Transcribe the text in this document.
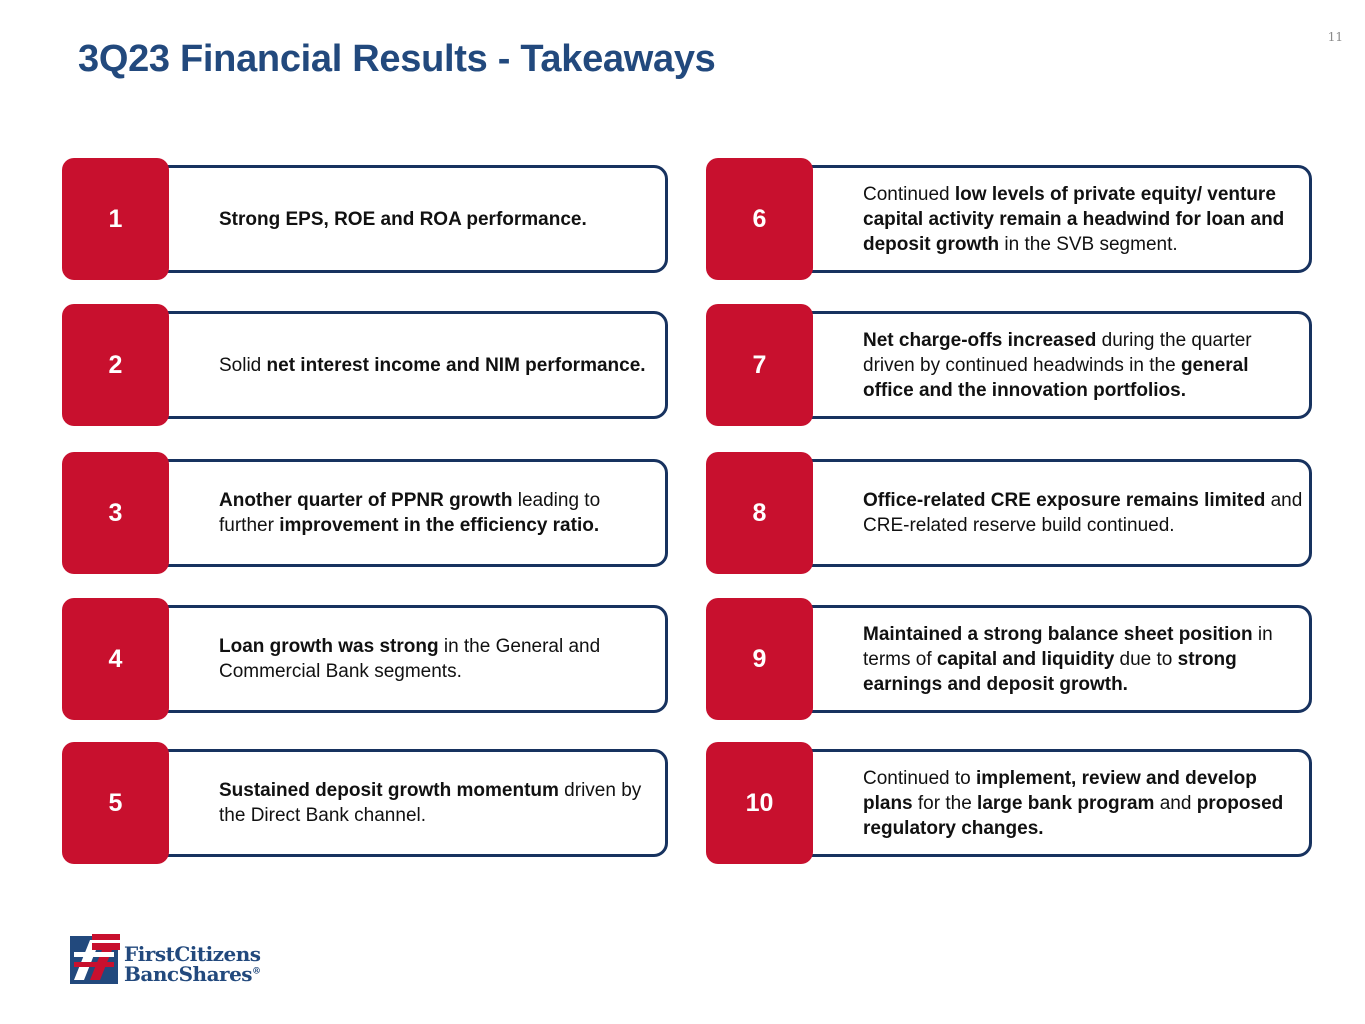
11
3Q23 Financial Results - Takeaways
1	Strong EPS, ROE and ROA performance.

2	Solid net interest income and NIM performance.

3	Another quarter of PPNR growth leading to further improvement in the efficiency ratio.

4	Loan growth was strong in the General and Commercial Bank segments.

5	Sustained deposit growth momentum driven by the Direct Bank channel.

6

Continued low levels of private equity/ venture capital activity remain a headwind for loan and deposit growth in the SVB segment.

7

Net charge-offs increased during the quarter driven by continued headwinds in the general office and the innovation portfolios.

8	Office-related CRE exposure remains limited and CRE-related reserve build continued.

9

Maintained a strong balance sheet position in terms of capital and liquidity due to strong earnings and deposit growth.

10

Continued to implement, review and develop plans for the large bank program and proposed regulatory changes.

FirstCitizens
BancShares®
